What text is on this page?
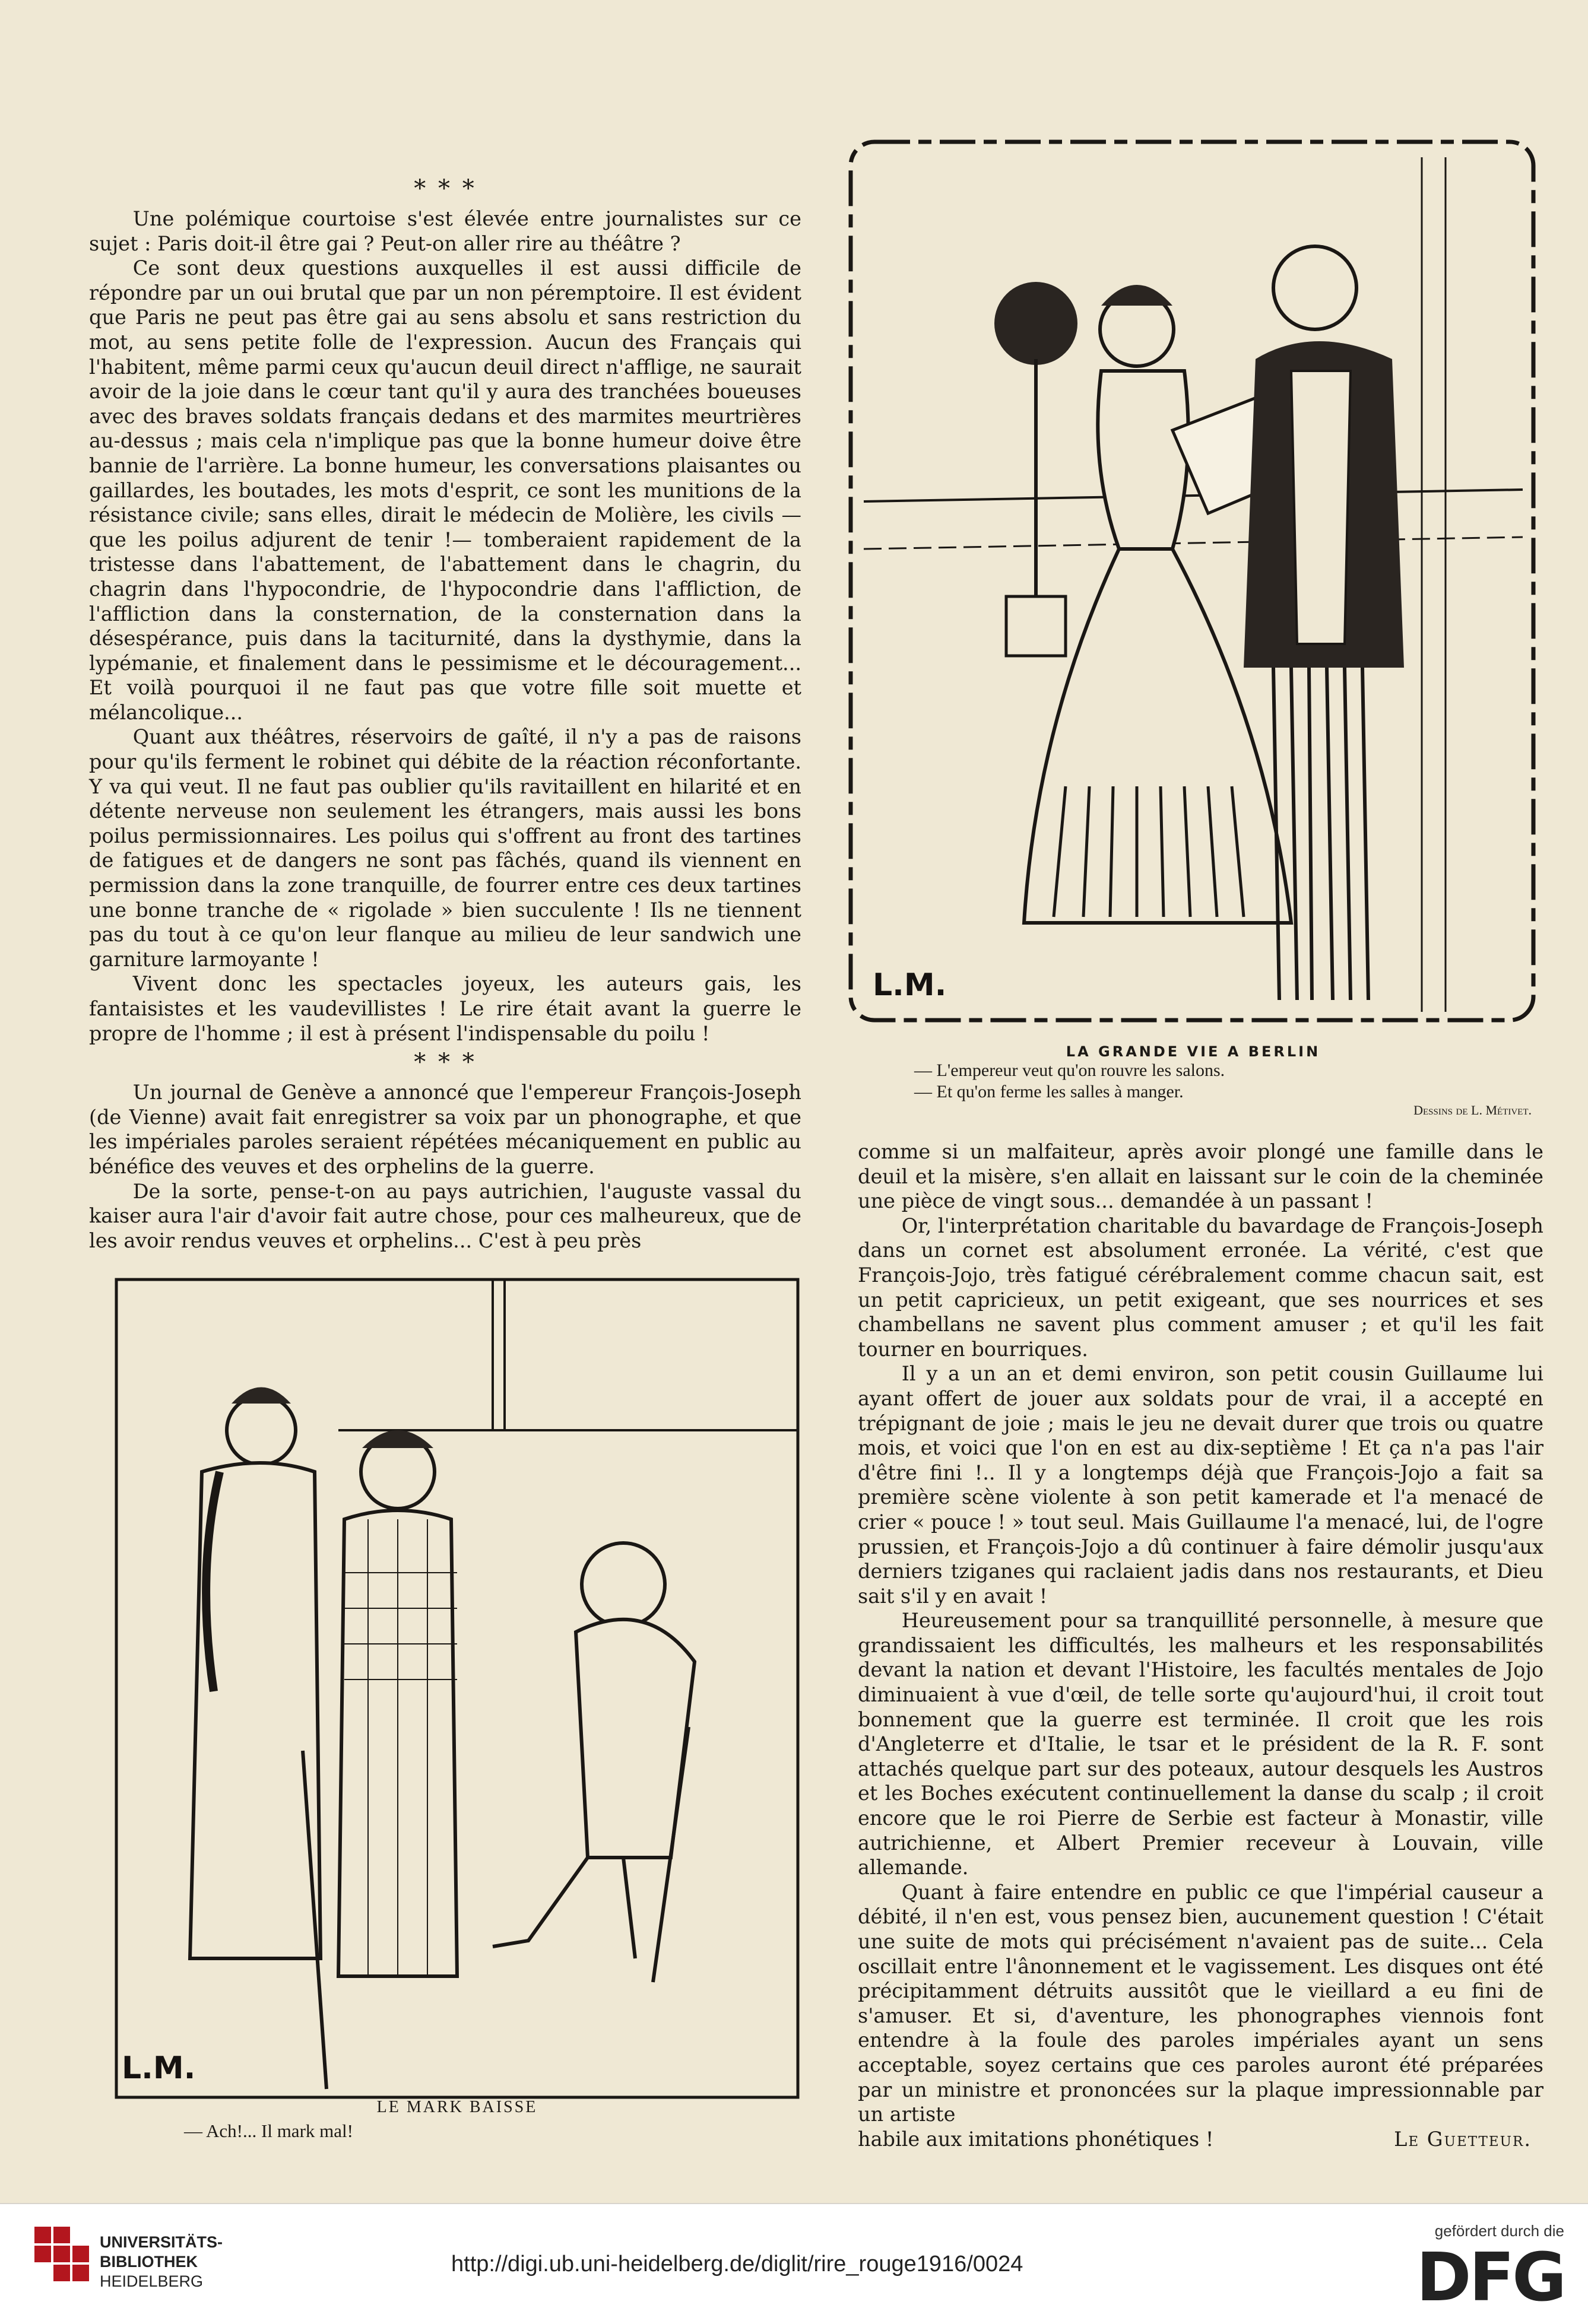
* * *

Une polémique courtoise s'est élevée entre journalistes sur ce sujet : Paris doit-il être gai ? Peut-on aller rire au théâtre ?

Ce sont deux questions auxquelles il est aussi difficile de répondre par un oui brutal que par un non péremptoire. Il est évident que Paris ne peut pas être gai au sens absolu et sans restriction du mot, au sens petite folle de l'expression. Aucun des Français qui l'habitent, même parmi ceux qu'aucun deuil direct n'afflige, ne saurait avoir de la joie dans le cœur tant qu'il y aura des tranchées boueuses avec des braves soldats français dedans et des marmites meurtrières au-dessus ; mais cela n'implique pas que la bonne humeur doive être bannie de l'arrière. La bonne humeur, les conversations plaisantes ou gaillardes, les boutades, les mots d'esprit, ce sont les munitions de la résistance civile; sans elles, dirait le médecin de Molière, les civils — que les poilus adjurent de tenir !— tomberaient rapidement de la tristesse dans l'abattement, de l'abattement dans le chagrin, du chagrin dans l'hypocondrie, de l'hypocondrie dans l'affliction, de l'affliction dans la consternation, de la consternation dans la désespérance, puis dans la taciturnité, dans la dysthymie, dans la lypémanie, et finalement dans le pessimisme et le découragement... Et voilà pourquoi il ne faut pas que votre fille soit muette et mélancolique...

Quant aux théâtres, réservoirs de gaîté, il n'y a pas de raisons pour qu'ils ferment le robinet qui débite de la réaction réconfortante. Y va qui veut. Il ne faut pas oublier qu'ils ravitaillent en hilarité et en détente nerveuse non seulement les étrangers, mais aussi les bons poilus permissionnaires. Les poilus qui s'offrent au front des tartines de fatigues et de dangers ne sont pas fâchés, quand ils viennent en permission dans la zone tranquille, de fourrer entre ces deux tartines une bonne tranche de « rigolade » bien succulente ! Ils ne tiennent pas du tout à ce qu'on leur flanque au milieu de leur sandwich une garniture larmoyante !

Vivent donc les spectacles joyeux, les auteurs gais, les fantaisistes et les vaudevillistes ! Le rire était avant la guerre le propre de l'homme ; il est à présent l'indispensable du poilu !

* * *

Un journal de Genève a annoncé que l'empereur François-Joseph (de Vienne) avait fait enregistrer sa voix par un phonographe, et que les impériales paroles seraient répétées mécaniquement en public au bénéfice des veuves et des orphelins de la guerre.

De la sorte, pense-t-on au pays autrichien, l'auguste vassal du kaiser aura l'air d'avoir fait autre chose, pour ces malheureux, que de les avoir rendus veuves et orphelins... C'est à peu près

L.M.
LA GRANDE VIE A BERLIN
— L'empereur veut qu'on rouvre les salons.
— Et qu'on ferme les salles à manger.
Dessins de L. Métivet.

comme si un malfaiteur, après avoir plongé une famille dans le deuil et la misère, s'en allait en laissant sur le coin de la cheminée une pièce de vingt sous... demandée à un passant !

Or, l'interprétation charitable du bavardage de François-Joseph dans un cornet est absolument erronée. La vérité, c'est que François-Jojo, très fatigué cérébralement comme chacun sait, est un petit capricieux, un petit exigeant, que ses nourrices et ses chambellans ne savent plus comment amuser ; et qu'il les fait tourner en bourriques.

Il y a un an et demi environ, son petit cousin Guillaume lui ayant offert de jouer aux soldats pour de vrai, il a accepté en trépignant de joie ; mais le jeu ne devait durer que trois ou quatre mois, et voici que l'on en est au dix-septième ! Et ça n'a pas l'air d'être fini !.. Il y a longtemps déjà que François-Jojo a fait sa première scène violente à son petit kamerade et l'a menacé de crier « pouce ! » tout seul. Mais Guillaume l'a menacé, lui, de l'ogre prussien, et François-Jojo a dû continuer à faire démolir jusqu'aux derniers tziganes qui raclaient jadis dans nos restaurants, et Dieu sait s'il y en avait !

Heureusement pour sa tranquillité personnelle, à mesure que grandissaient les difficultés, les malheurs et les responsabilités devant la nation et devant l'Histoire, les facultés mentales de Jojo diminuaient à vue d'œil, de telle sorte qu'aujourd'hui, il croit tout bonnement que la guerre est terminée. Il croit que les rois d'Angleterre et d'Italie, le tsar et le président de la R. F. sont attachés quelque part sur des poteaux, autour desquels les Austros et les Boches exécutent continuellement la danse du scalp ; il croit encore que le roi Pierre de Serbie est facteur à Monastir, ville autrichienne, et Albert Premier receveur à Louvain, ville allemande.

Quant à faire entendre en public ce que l'impérial causeur a débité, il n'en est, vous pensez bien, aucunement question ! C'était une suite de mots qui précisément n'avaient pas de suite... Cela oscillait entre l'ânonnement et le vagissement. Les disques ont été précipitamment détruits aussitôt que le vieillard a eu fini de s'amuser. Et si, d'aventure, les phonographes viennois font entendre à la foule des paroles impériales ayant un sens acceptable, soyez certains que ces paroles auront été préparées par un ministre et prononcées sur la plaque impressionnable par un artiste

habile aux imitations phonétiques !	Le Guetteur.
L.M.
LE MARK BAISSE
— Ach!... Il mark mal!
UNIVERSITÄTS-
BIBLIOTHEK
HEIDELBERG
http://digi.ub.uni-heidelberg.de/diglit/rire_rouge1916/0024
gefördert durch die
DFG
